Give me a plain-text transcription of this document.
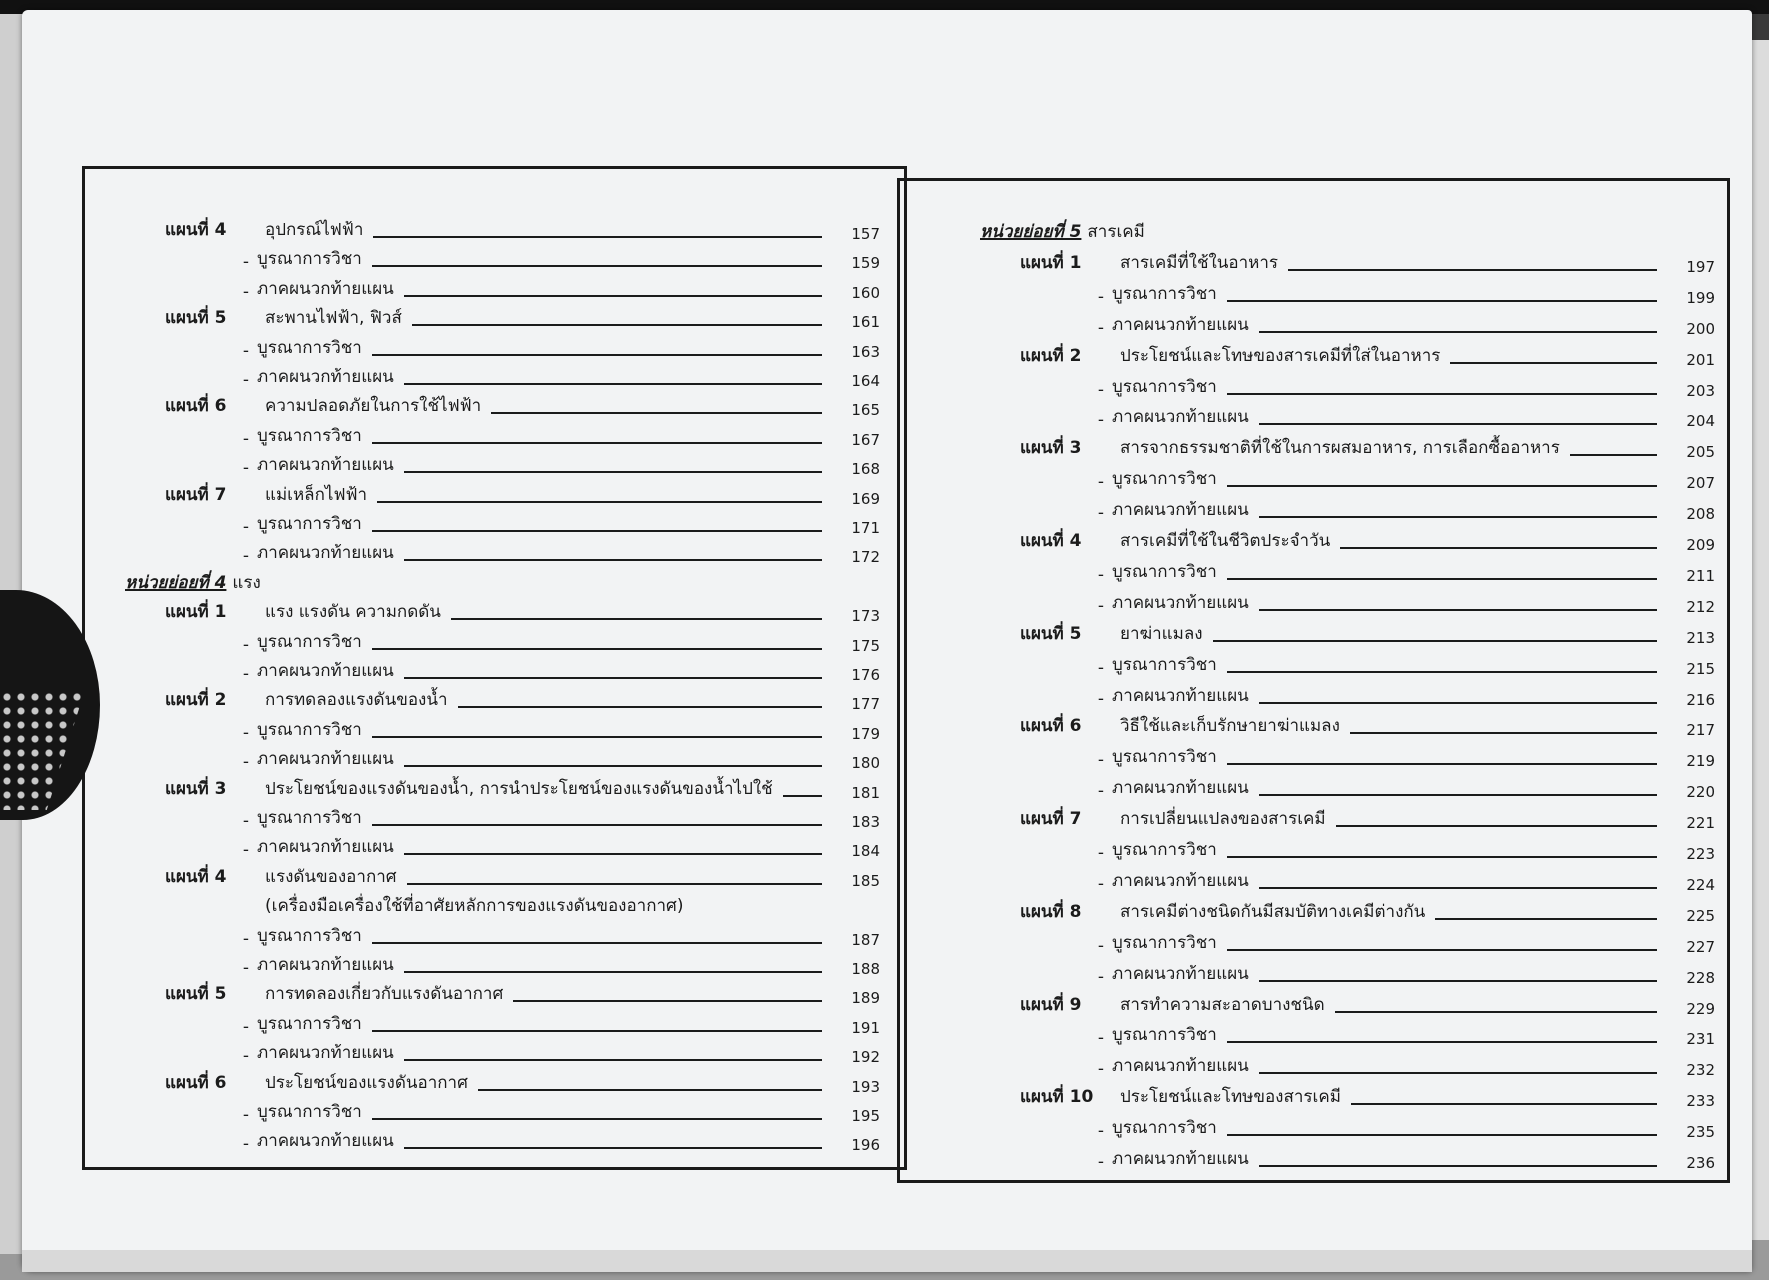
แผนที่ 4	อุปกรณ์ไฟฟ้า	157
- บูรณาการวิชา	159
- ภาคผนวกท้ายแผน	160
แผนที่ 5	สะพานไฟฟ้า, ฟิวส์	161
- บูรณาการวิชา	163
- ภาคผนวกท้ายแผน	164
แผนที่ 6	ความปลอดภัยในการใช้ไฟฟ้า	165
- บูรณาการวิชา	167
- ภาคผนวกท้ายแผน	168
แผนที่ 7	แม่เหล็กไฟฟ้า	169
- บูรณาการวิชา	171
- ภาคผนวกท้ายแผน	172
หน่วยย่อยที่ 4 แรง
แผนที่ 1	แรง แรงดัน ความกดดัน	173
- บูรณาการวิชา	175
- ภาคผนวกท้ายแผน	176
แผนที่ 2	การทดลองแรงดันของน้ำ	177
- บูรณาการวิชา	179
- ภาคผนวกท้ายแผน	180
แผนที่ 3	ประโยชน์ของแรงดันของน้ำ, การนำประโยชน์ของแรงดันของน้ำไปใช้	181
- บูรณาการวิชา	183
- ภาคผนวกท้ายแผน	184
แผนที่ 4	แรงดันของอากาศ	185
(เครื่องมือเครื่องใช้ที่อาศัยหลักการของแรงดันของอากาศ)
- บูรณาการวิชา	187
- ภาคผนวกท้ายแผน	188
แผนที่ 5	การทดลองเกี่ยวกับแรงดันอากาศ	189
- บูรณาการวิชา	191
- ภาคผนวกท้ายแผน	192
แผนที่ 6	ประโยชน์ของแรงดันอากาศ	193
- บูรณาการวิชา	195
- ภาคผนวกท้ายแผน	196
หน่วยย่อยที่ 5 สารเคมี
แผนที่ 1	สารเคมีที่ใช้ในอาหาร	197
- บูรณาการวิชา	199
- ภาคผนวกท้ายแผน	200
แผนที่ 2	ประโยชน์และโทษของสารเคมีที่ใส่ในอาหาร	201
- บูรณาการวิชา	203
- ภาคผนวกท้ายแผน	204
แผนที่ 3	สารจากธรรมชาติที่ใช้ในการผสมอาหาร, การเลือกซื้ออาหาร	205
- บูรณาการวิชา	207
- ภาคผนวกท้ายแผน	208
แผนที่ 4	สารเคมีที่ใช้ในชีวิตประจำวัน	209
- บูรณาการวิชา	211
- ภาคผนวกท้ายแผน	212
แผนที่ 5	ยาฆ่าแมลง	213
- บูรณาการวิชา	215
- ภาคผนวกท้ายแผน	216
แผนที่ 6	วิธีใช้และเก็บรักษายาฆ่าแมลง	217
- บูรณาการวิชา	219
- ภาคผนวกท้ายแผน	220
แผนที่ 7	การเปลี่ยนแปลงของสารเคมี	221
- บูรณาการวิชา	223
- ภาคผนวกท้ายแผน	224
แผนที่ 8	สารเคมีต่างชนิดกันมีสมบัติทางเคมีต่างกัน	225
- บูรณาการวิชา	227
- ภาคผนวกท้ายแผน	228
แผนที่ 9	สารทำความสะอาดบางชนิด	229
- บูรณาการวิชา	231
- ภาคผนวกท้ายแผน	232
แผนที่ 10	ประโยชน์และโทษของสารเคมี	233
- บูรณาการวิชา	235
- ภาคผนวกท้ายแผน	236
